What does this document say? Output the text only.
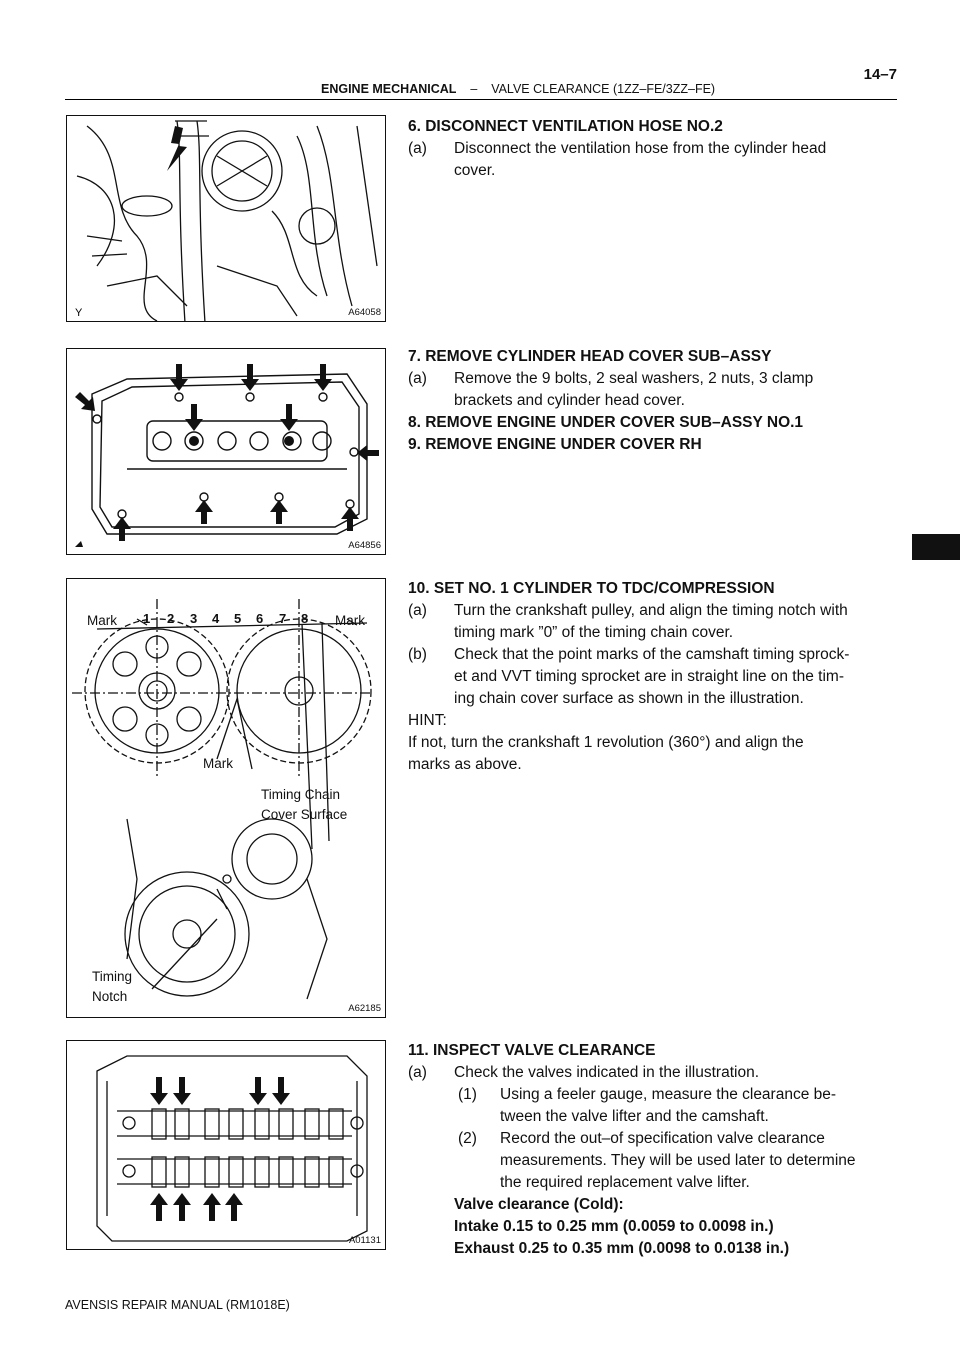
ENGINE MECHANICAL – VALVE CLEARANCE (1ZZ–FE/3ZZ–FE)
14–7
Y	A64058
A64856
1 2 3 4 5 6 7 8
Mark	Mark
Mark
Timing Chain
Cover Surface
Timing
Notch
A62185
A01131
6. DISCONNECT VENTILATION HOSE NO.2
(a) Disconnect the ventilation hose from the cylinder head
cover.
7. REMOVE CYLINDER HEAD COVER SUB–ASSY
(a) Remove the 9 bolts, 2 seal washers, 2 nuts, 3 clamp
brackets and cylinder head cover.
8. REMOVE ENGINE UNDER COVER SUB–ASSY NO.1
9. REMOVE ENGINE UNDER COVER RH
10. SET NO. 1 CYLINDER TO TDC/COMPRESSION
(a) Turn the crankshaft pulley, and align the timing notch with
timing mark ”0” of the timing chain cover.
(b) Check that the point marks of the camshaft timing sprock-
et and VVT timing sprocket are in straight line on the tim-
ing chain cover surface as shown in the illustration.
HINT:
If not, turn the crankshaft 1 revolution (360°) and align the
marks as above.
11. INSPECT VALVE CLEARANCE
(a) Check the valves indicated in the illustration.
(1) Using a feeler gauge, measure the clearance be-
tween the valve lifter and the camshaft.
(2) Record the out–of specification valve clearance
measurements. They will be used later to determine
the required replacement valve lifter.
Valve clearance (Cold):
Intake 0.15 to 0.25 mm (0.0059 to 0.0098 in.)
Exhaust 0.25 to 0.35 mm (0.0098 to 0.0138 in.)
AVENSIS REPAIR MANUAL (RM1018E)
